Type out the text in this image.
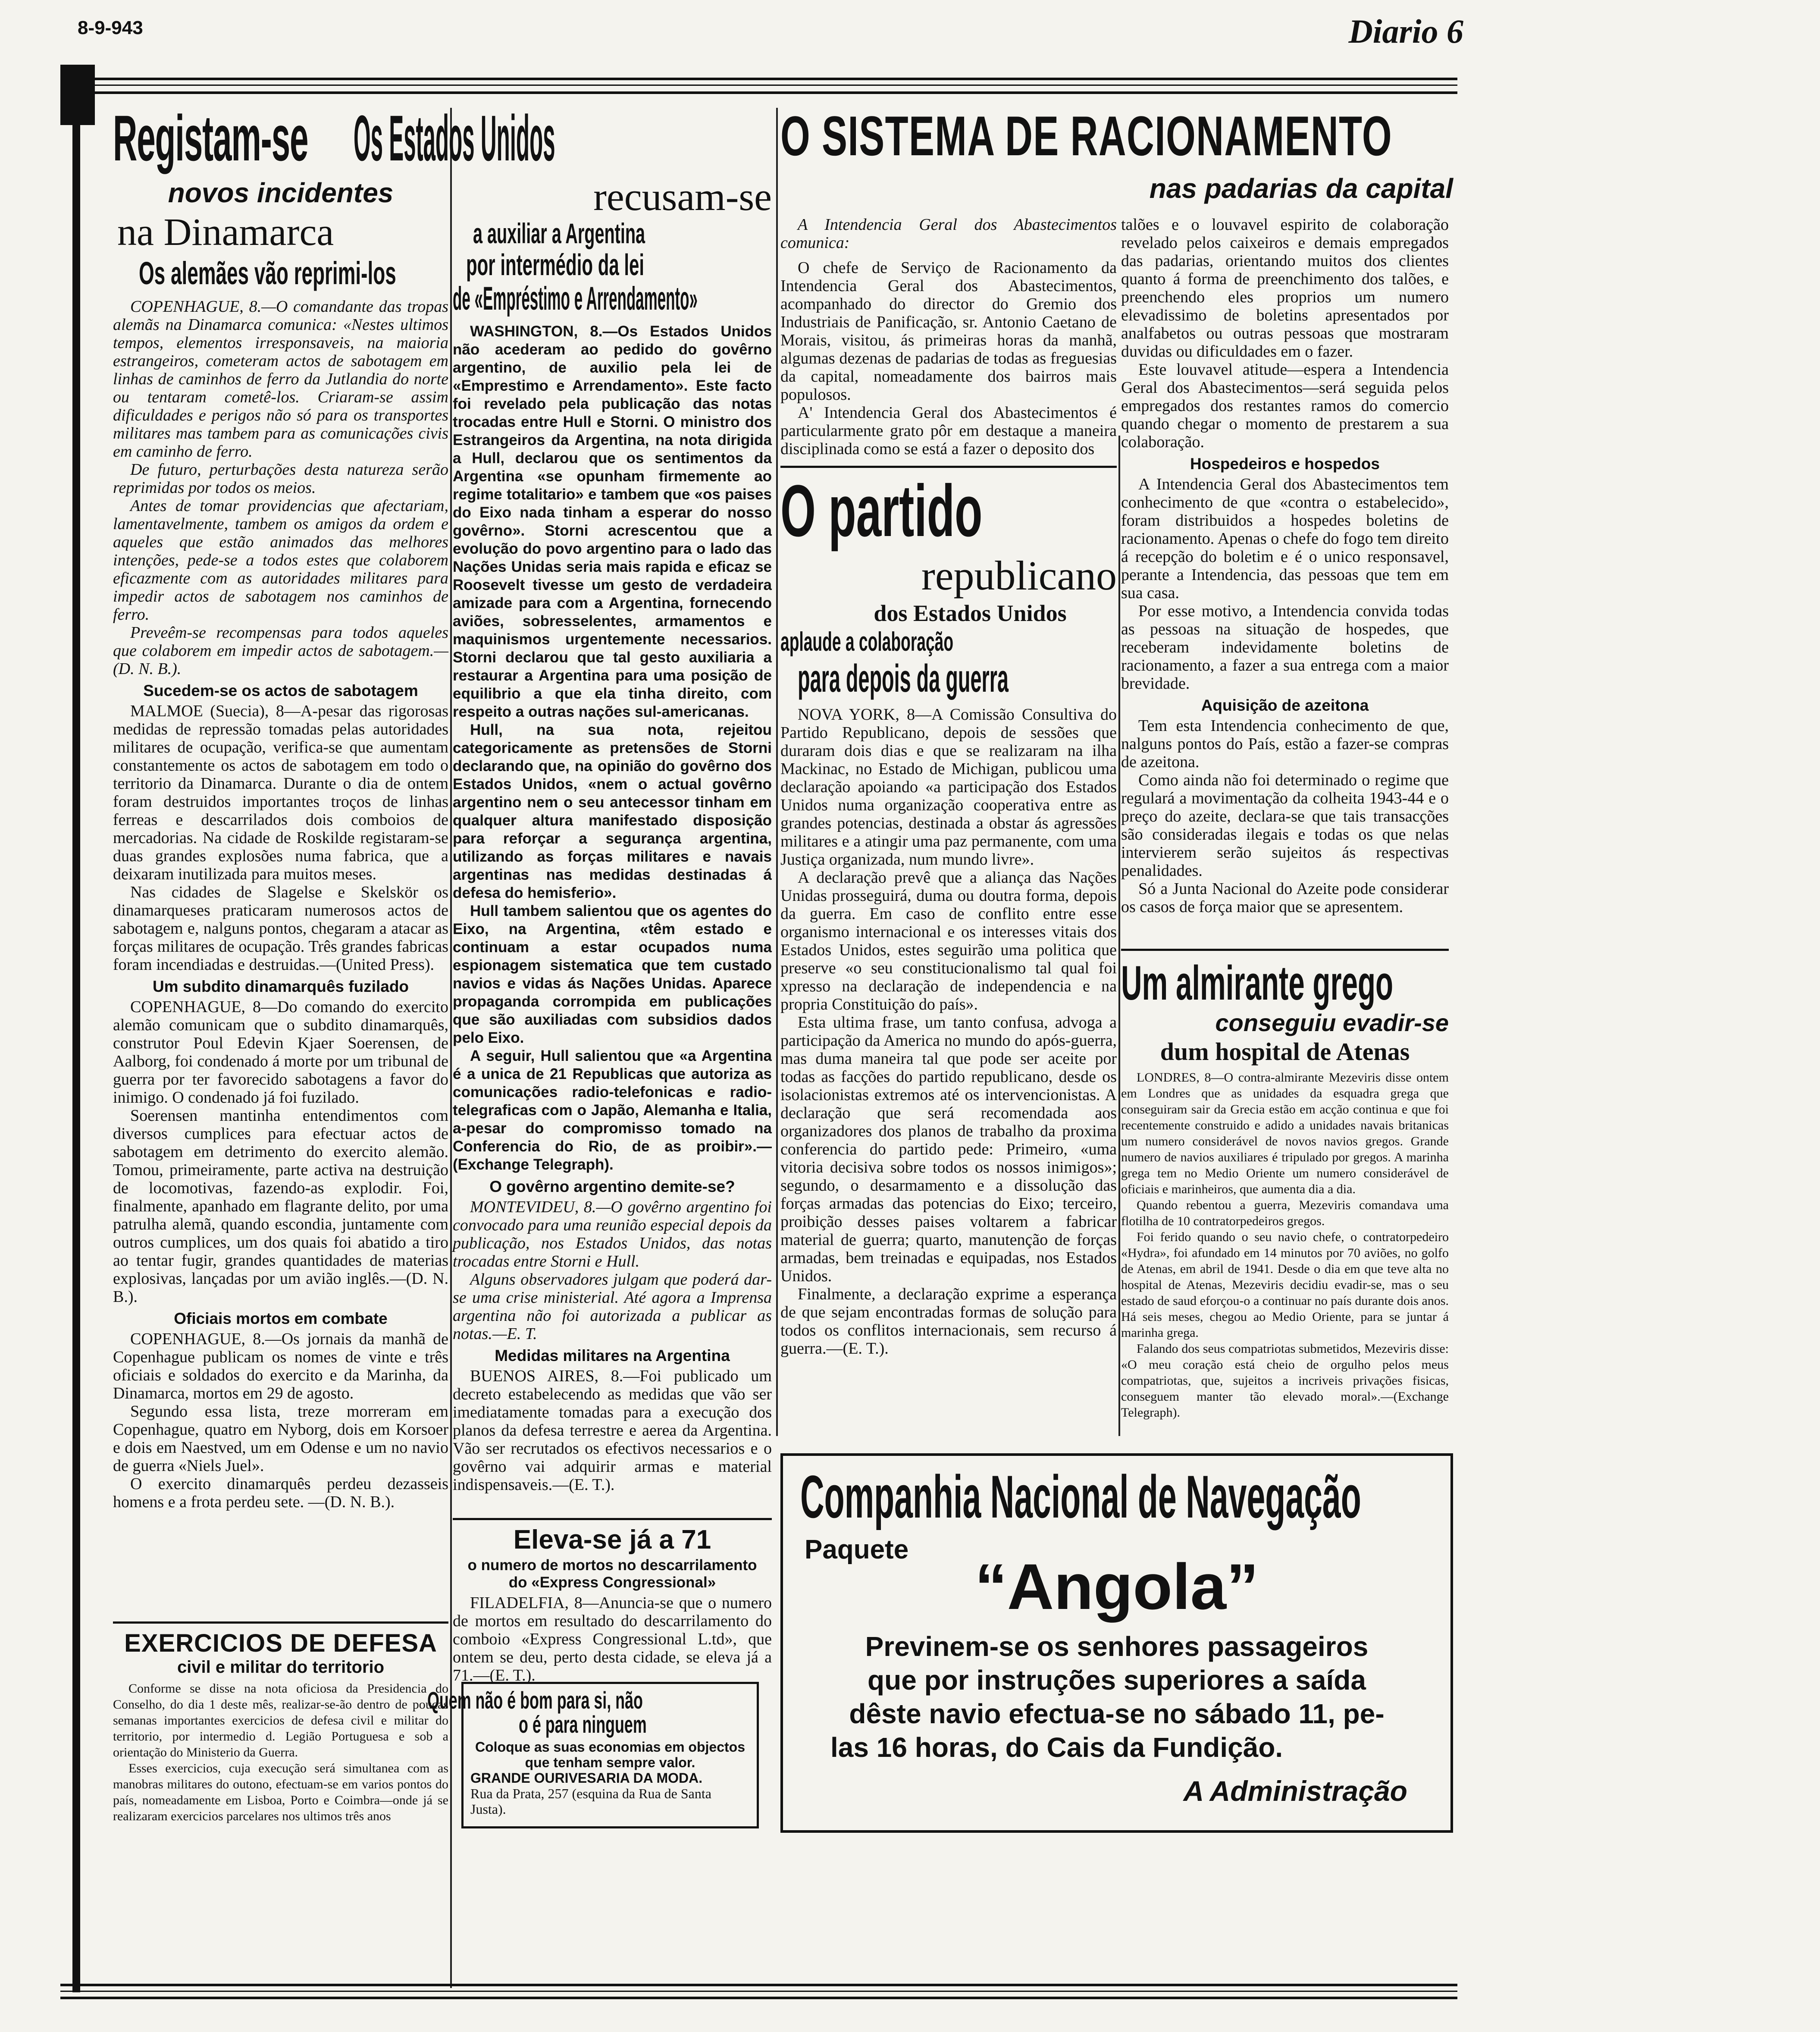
8-9-943	Diario 6
Registam-se
novos incidentes
na Dinamarca
Os alemães vão reprimi-los

COPENHAGUE, 8.—O comandante das tropas alemãs na Dinamarca comunica: «Nestes ultimos tempos, elementos irresponsaveis, na maioria estrangeiros, cometeram actos de sabotagem em linhas de caminhos de ferro da Jutlandia do norte ou tentaram cometê-los. Criaram-se assim dificuldades e perigos não só para os transportes militares mas tambem para as comunicações civis em caminho de ferro.

De futuro, perturbações desta natureza serão reprimidas por todos os meios.

Antes de tomar providencias que afectariam, lamentavelmente, tambem os amigos da ordem e aqueles que estão animados das melhores intenções, pede-se a todos estes que colaborem eficazmente com as autoridades militares para impedir actos de sabotagem nos caminhos de ferro.

Preveêm-se recompensas para todos aqueles que colaborem em impedir actos de sabotagem.—(D. N. B.).

Sucedem-se os actos de sabotagem

MALMOE (Suecia), 8—A-pesar das rigorosas medidas de repressão tomadas pelas autoridades militares de ocupação, verifica-se que aumentam constantemente os actos de sabotagem em todo o territorio da Dinamarca. Durante o dia de ontem foram destruidos importantes troços de linhas ferreas e descarrilados dois comboios de mercadorias. Na cidade de Roskilde registaram-se duas grandes explosões numa fabrica, que a deixaram inutilizada para muitos meses.

Nas cidades de Slagelse e Skelskör os dinamarqueses praticaram numerosos actos de sabotagem e, nalguns pontos, chegaram a atacar as forças militares de ocupação. Três grandes fabricas foram incendiadas e destruidas.—(United Press).

Um subdito dinamarquês fuzilado

COPENHAGUE, 8—Do comando do exercito alemão comunicam que o subdito dinamarquês, construtor Poul Edevin Kjaer Soerensen, de Aalborg, foi condenado á morte por um tribunal de guerra por ter favorecido sabotagens a favor do inimigo. O condenado já foi fuzilado.

Soerensen mantinha entendimentos com diversos cumplices para efectuar actos de sabotagem em detrimento do exercito alemão. Tomou, primeiramente, parte activa na destruição de locomotivas, fazendo-as explodir. Foi, finalmente, apanhado em flagrante delito, por uma patrulha alemã, quando escondia, juntamente com outros cumplices, um dos quais foi abatido a tiro ao tentar fugir, grandes quantidades de materias explosivas, lançadas por um avião inglês.—(D. N. B.).

Oficiais mortos em combate

COPENHAGUE, 8.—Os jornais da manhã de Copenhague publicam os nomes de vinte e três oficiais e soldados do exercito e da Marinha, da Dinamarca, mortos em 29 de agosto.

Segundo essa lista, treze morreram em Copenhague, quatro em Nyborg, dois em Korsoer e dois em Naestved, um em Odense e um no navio de guerra «Niels Juel».

O exercito dinamarquês perdeu dezasseis homens e a frota perdeu sete. —(D. N. B.).

EXERCICIOS DE DEFESA
civil e militar do territorio

Conforme se disse na nota oficiosa da Presidencia do Conselho, do dia 1 deste mês, realizar-se-ão dentro de poucas semanas importantes exercicios de defesa civil e militar do territorio, por intermedio d. Legião Portuguesa e sob a orientação do Ministerio da Guerra.

Esses exercicios, cuja execução será simultanea com as manobras militares do outono, efectuam-se em varios pontos do país, nomeadamente em Lisboa, Porto e Coimbra—onde já se realizaram exercicios parcelares nos ultimos três anos

Os Estados Unidos
recusam-se
a auxiliar a Argentina
por intermédio da lei
de «Empréstimo e Arrendamento»

WASHINGTON, 8.—Os Estados Unidos não acederam ao pedido do govêrno argentino, de auxilio pela lei de «Emprestimo e Arrendamento». Este facto foi revelado pela publicação das notas trocadas entre Hull e Storni. O ministro dos Estrangeiros da Argentina, na nota dirigida a Hull, declarou que os sentimentos da Argentina «se opunham firmemente ao regime totalitario» e tambem que «os paises do Eixo nada tinham a esperar do nosso govêrno». Storni acrescentou que a evolução do povo argentino para o lado das Nações Unidas seria mais rapida e eficaz se Roosevelt tivesse um gesto de verdadeira amizade para com a Argentina, fornecendo aviões, sobresselentes, armamentos e maquinismos urgentemente necessarios. Storni declarou que tal gesto auxiliaria a restaurar a Argentina para uma posição de equilibrio a que ela tinha direito, com respeito a outras nações sul-americanas.

Hull, na sua nota, rejeitou categoricamente as pretensões de Storni declarando que, na opinião do govêrno dos Estados Unidos, «nem o actual govêrno argentino nem o seu antecessor tinham em qualquer altura manifestado disposição para reforçar a segurança argentina, utilizando as forças militares e navais argentinas nas medidas destinadas á defesa do hemisferio».

Hull tambem salientou que os agentes do Eixo, na Argentina, «têm estado e continuam a estar ocupados numa espionagem sistematica que tem custado navios e vidas ás Nações Unidas. Aparece propaganda corrompida em publicações que são auxiliadas com subsidios dados pelo Eixo.

A seguir, Hull salientou que «a Argentina é a unica de 21 Republicas que autoriza as comunicações radio-telefonicas e radio-telegraficas com o Japão, Alemanha e Italia, a-pesar do compromisso tomado na Conferencia do Rio, de as proibir».—(Exchange Telegraph).

O govêrno argentino demite-se?

MONTEVIDEU, 8.—O govêrno argentino foi convocado para uma reunião especial depois da publicação, nos Estados Unidos, das notas trocadas entre Storni e Hull.

Alguns observadores julgam que poderá dar-se uma crise ministerial. Até agora a Imprensa argentina não foi autorizada a publicar as notas.—E. T.

Medidas militares na Argentina

BUENOS AIRES, 8.—Foi publicado um decreto estabelecendo as medidas que vão ser imediatamente tomadas para a execução dos planos da defesa terrestre e aerea da Argentina. Vão ser recrutados os efectivos necessarios e o govêrno vai adquirir armas e material indispensaveis.—(E. T.).

Eleva-se já a 71
o numero de mortos no descarrilamento do «Express Congressional»

FILADELFIA, 8—Anuncia-se que o numero de mortos em resultado do descarrilamento do comboio «Express Congressional L.td», que ontem se deu, perto desta cidade, se eleva já a 71.—(E. T.).

Quem não é bom para si, não
o é para ninguem
Coloque as suas economias em objectos que tenham sempre valor.
GRANDE OURIVESARIA DA MODA.
Rua da Prata, 257 (esquina da Rua de Santa Justa).
O SISTEMA DE RACIONAMENTO
nas padarias da capital

A Intendencia Geral dos Abastecimentos comunica:

O chefe de Serviço de Racionamento da Intendencia Geral dos Abastecimentos, acompanhado do director do Gremio dos Industriais de Panificação, sr. Antonio Caetano de Morais, visitou, ás primeiras horas da manhã, algumas dezenas de padarias de todas as freguesias da capital, nomeadamente dos bairros mais populosos.

A' Intendencia Geral dos Abastecimentos é particularmente grato pôr em destaque a maneira disciplinada como se está a fazer o deposito dos

O partido
republicano
dos Estados Unidos
aplaude a colaboração
para depois da guerra

NOVA YORK, 8—A Comissão Consultiva do Partido Republicano, depois de sessões que duraram dois dias e que se realizaram na ilha Mackinac, no Estado de Michigan, publicou uma declaração apoiando «a participação dos Estados Unidos numa organização cooperativa entre as grandes potencias, destinada a obstar ás agressões militares e a atingir uma paz permanente, com uma Justiça organizada, num mundo livre».

A declaração prevê que a aliança das Nações Unidas prosseguirá, duma ou doutra forma, depois da guerra. Em caso de conflito entre esse organismo internacional e os interesses vitais dos Estados Unidos, estes seguirão uma politica que preserve «o seu constitucionalismo tal qual foi xpresso na declaração de independencia e na propria Constituição do país».

Esta ultima frase, um tanto confusa, advoga a participação da America no mundo do após-guerra, mas duma maneira tal que pode ser aceite por todas as facções do partido republicano, desde os isolacionistas extremos até os intervencionistas. A declaração que será recomendada aos organizadores dos planos de trabalho da proxima conferencia do partido pede: Primeiro, «uma vitoria decisiva sobre todos os nossos inimigos»; segundo, o desarmamento e a dissolução das forças armadas das potencias do Eixo; terceiro, proibição desses paises voltarem a fabricar material de guerra; quarto, manutenção de forças armadas, bem treinadas e equipadas, nos Estados Unidos.

Finalmente, a declaração exprime a esperança de que sejam encontradas formas de solução para todos os conflitos internacionais, sem recurso á guerra.—(E. T.).

talões e o louvavel espirito de colaboração revelado pelos caixeiros e demais empregados das padarias, orientando muitos dos clientes quanto á forma de preenchimento dos talões, e preenchendo eles proprios um numero elevadissimo de boletins apresentados por analfabetos ou outras pessoas que mostraram duvidas ou dificuldades em o fazer.

Este louvavel atitude—espera a Intendencia Geral dos Abastecimentos—será seguida pelos empregados dos restantes ramos do comercio quando chegar o momento de prestarem a sua colaboração.

Hospedeiros e hospedos

A Intendencia Geral dos Abastecimentos tem conhecimento de que «contra o estabelecido», foram distribuidos a hospedes boletins de racionamento. Apenas o chefe do fogo tem direito á recepção do boletim e é o unico responsavel, perante a Intendencia, das pessoas que tem em sua casa.

Por esse motivo, a Intendencia convida todas as pessoas na situação de hospedes, que receberam indevidamente boletins de racionamento, a fazer a sua entrega com a maior brevidade.

Aquisição de azeitona

Tem esta Intendencia conhecimento de que, nalguns pontos do País, estão a fazer-se compras de azeitona.

Como ainda não foi determinado o regime que regulará a movimentação da colheita 1943-44 e o preço do azeite, declara-se que tais transacções são consideradas ilegais e todas os que nelas intervierem serão sujeitos ás respectivas penalidades.

Só a Junta Nacional do Azeite pode considerar os casos de força maior que se apresentem.

Um almirante grego
conseguiu evadir-se
dum hospital de Atenas

LONDRES, 8—O contra-almirante Mezeviris disse ontem em Londres que as unidades da esquadra grega que conseguiram sair da Grecia estão em acção continua e que foi recentemente construido e adido a unidades navais britanicas um numero considerável de novos navios gregos. Grande numero de navios auxiliares é tripulado por gregos. A marinha grega tem no Medio Oriente um numero considerável de oficiais e marinheiros, que aumenta dia a dia.

Quando rebentou a guerra, Mezeviris comandava uma flotilha de 10 contratorpedeiros gregos.

Foi ferido quando o seu navio chefe, o contratorpedeiro «Hydra», foi afundado em 14 minutos por 70 aviões, no golfo de Atenas, em abril de 1941. Desde o dia em que teve alta no hospital de Atenas, Mezeviris decidiu evadir-se, mas o seu estado de saud eforçou-o a continuar no país durante dois anos. Há seis meses, chegou ao Medio Oriente, para se juntar á marinha grega.

Falando dos seus compatriotas submetidos, Mezeviris disse: «O meu coração está cheio de orgulho pelos meus compatriotas, que, sujeitos a incriveis privações fisicas, conseguem manter tão elevado moral».—(Exchange Telegraph).

Companhia Nacional de Navegação
Paquete
“Angola”
Previnem-se os senhores passageiros
que por instruções superiores a saída
dêste navio efectua-se no sábado 11, pe-
las 16 horas, do Cais da Fundição.
A Administração
